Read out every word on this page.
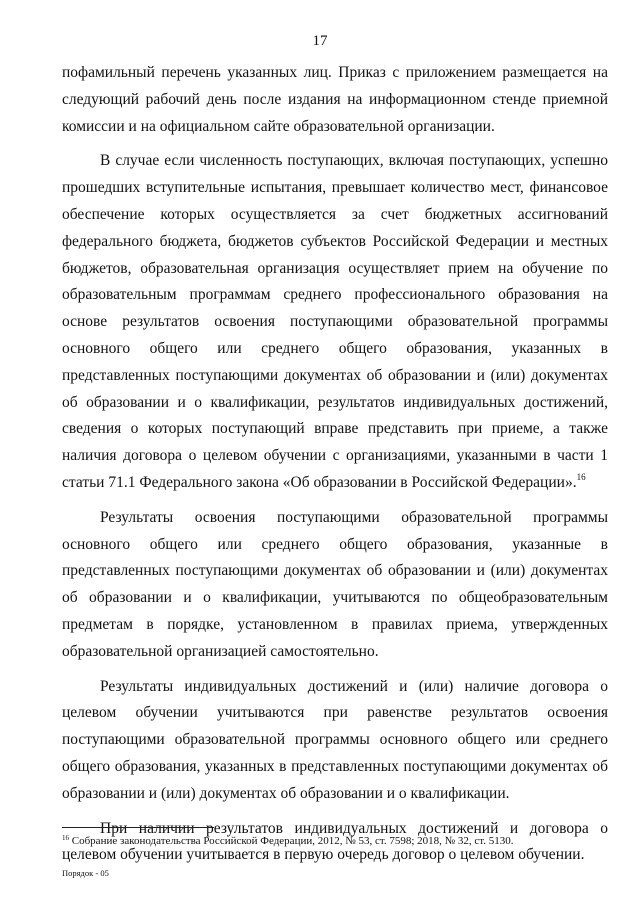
17

пофамильный перечень указанных лиц. Приказ с приложением размещается на следующий рабочий день после издания на информационном стенде приемной комиссии и на официальном сайте образовательной организации.

В случае если численность поступающих, включая поступающих, успешно прошедших вступительные испытания, превышает количество мест, финансовое обеспечение которых осуществляется за счет бюджетных ассигнований федерального бюджета, бюджетов субъектов Российской Федерации и местных бюджетов, образовательная организация осуществляет прием на обучение по образовательным программам среднего профессионального образования на основе результатов освоения поступающими образовательной программы основного общего или среднего общего образования, указанных в представленных поступающими документах об образовании и (или) документах об образовании и о квалификации, результатов индивидуальных достижений, сведения о которых поступающий вправе представить при приеме, а также наличия договора о целевом обучении с организациями, указанными в части 1 статьи 71.1 Федерального закона «Об образовании в Российской Федерации».$^{16}$

Результаты освоения поступающими образовательной программы основного общего или среднего общего образования, указанные в представленных поступающими документах об образовании и (или) документах об образовании и о квалификации, учитываются по общеобразовательным предметам в порядке, установленном в правилах приема, утвержденных образовательной организацией самостоятельно.

Результаты индивидуальных достижений и (или) наличие договора о целевом обучении учитываются при равенстве результатов освоения поступающими образовательной программы основного общего или среднего общего образования, указанных в представленных поступающими документах об образовании и (или) документах об образовании и о квалификации.

При наличии результатов индивидуальных достижений и договора о целевом обучении учитывается в первую очередь договор о целевом обучении.

$^{16}$ Собрание законодательства Российской Федерации, 2012, № 53, ст. 7598; 2018, № 32, ст. 5130.
Порядок - 05
